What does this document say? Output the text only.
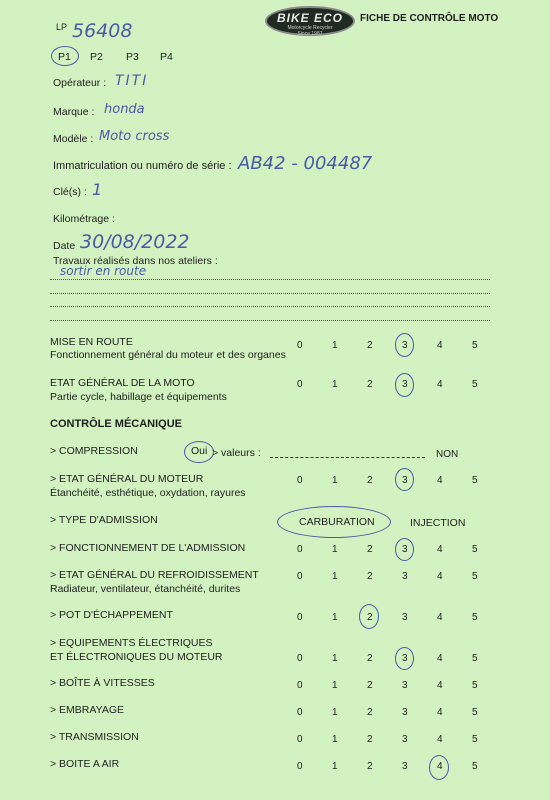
LP 56408
BIKE ECO
Motorcycle Recycler
Since 1987
FICHE DE CONTRÔLE MOTO
P1 P2 P3 P4
Opérateur : TITI
Marque : honda
Modèle : Moto cross
Immatriculation ou numéro de série : AB42 - 004487
Clé(s) : 1
Kilométrage :
Date 30/08/2022
Travaux réalisés dans nos ateliers :
sortir en route
MISE EN ROUTE
Fonctionnement général du moteur et des organes
0	1	2	3	4	5
ETAT GÉNÉRAL DE LA MOTO
Partie cycle, habillage et équipements
0	1	2	3	4	5
CONTRÔLE MÉCANIQUE
> COMPRESSION	Oui > valeurs :	NON
> ETAT GÉNÉRAL DU MOTEUR
Étanchéité, esthétique, oxydation, rayures
0	1	2	3	4	5
> TYPE D'ADMISSION	CARBURATION	INJECTION
> FONCTIONNEMENT DE L'ADMISSION	0	1	2	3	4	5
> ETAT GÉNÉRAL DU REFROIDISSEMENT
Radiateur, ventilateur, étanchéité, durites
0	1	2	3	4	5
> POT D'ÉCHAPPEMENT	0	1	2	3	4	5
> EQUIPEMENTS ÉLECTRIQUES
ET ÉLECTRONIQUES DU MOTEUR	0	1	2	3	4	5
> BOÎTE À VITESSES	0	1	2	3	4	5
> EMBRAYAGE	0	1	2	3	4	5
> TRANSMISSION	0	1	2	3	4	5
> BOITE A AIR	0	1	2	3	4	5
